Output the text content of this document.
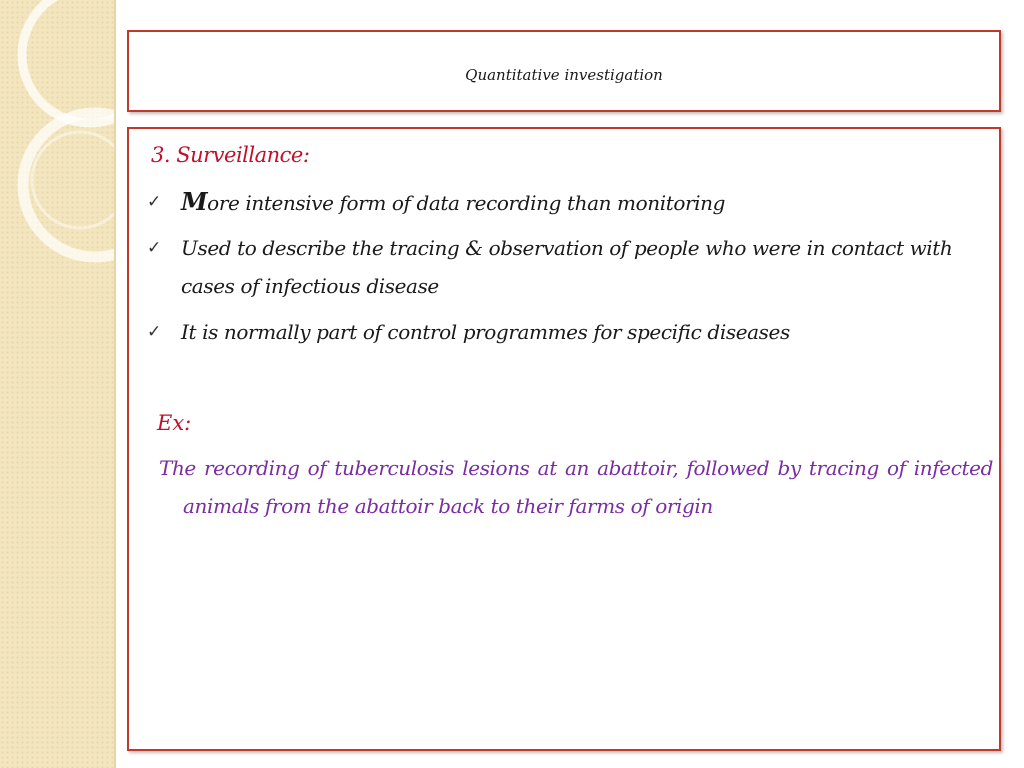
Quantitative investigation
3. Surveillance:
✓ More intensive form of data recording than monitoring
✓ Used to describe the tracing & observation of people who were in contact with cases of infectious disease
✓ It is normally part of control programmes for specific diseases
Ex:
The recording of tuberculosis lesions at an abattoir, followed by tracing of infected animals from the abattoir back to their farms of origin
